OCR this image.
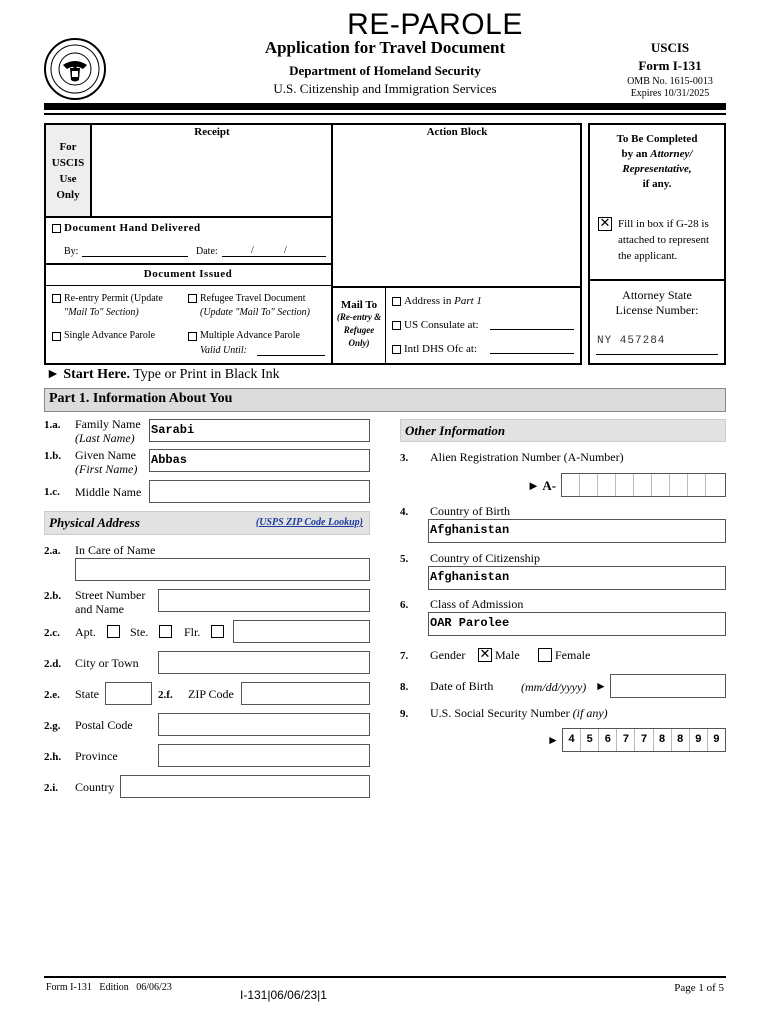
RE-PAROLE
Application for Travel Document
Department of Homeland Security
U.S. Citizenship and Immigration Services
USCIS
Form I-131
OMB No. 1615-0013
Expires 10/31/2025
For
USCIS
Use
Only
Receipt	Action Block
Document Hand Delivered
By:	Date:	/	/
Document Issued
Re-entry Permit (Update
"Mail To" Section)
Refugee Travel Document
(Update "Mail To" Section)
Single Advance Parole	Multiple Advance Parole
Valid Until:
Mail To
(Re-entry &
Refugee
Only)
Address in Part 1
US Consulate at:
Intl DHS Ofc at:
To Be Completed
by an Attorney/
Representative,
if any.
✕ Fill in box if G-28 is
attached to represent
the applicant.
Attorney State
License Number:
NY 457284
► Start Here. Type or Print in Black Ink
Part 1. Information About You
1.a. Family Name
(Last Name)
Sarabi
1.b. Given Name
(First Name)
Abbas
1.c. Middle Name
Physical Address	(USPS ZIP Code Lookup)
2.a. In Care of Name
2.b. Street Number
and Name
2.c. Apt.	Ste.	Flr.
2.d. City or Town
2.e. State	2.f. ZIP Code
2.g. Postal Code
2.h. Province
2.i. Country
Other Information
3. Alien Registration Number (A-Number)
► A-
4. Country of Birth
Afghanistan
5. Country of Citizenship
Afghanistan
6. Class of Admission
OAR Parolee
7. Gender ✕ Male	Female
8. Date of Birth (mm/dd/yyyy) ►
9. U.S. Social Security Number (if any)
► 4	5	6	7	7	8	8	9	9
Form I-131   Edition   06/06/23
I-131|06/06/23|1	Page 1 of 5
